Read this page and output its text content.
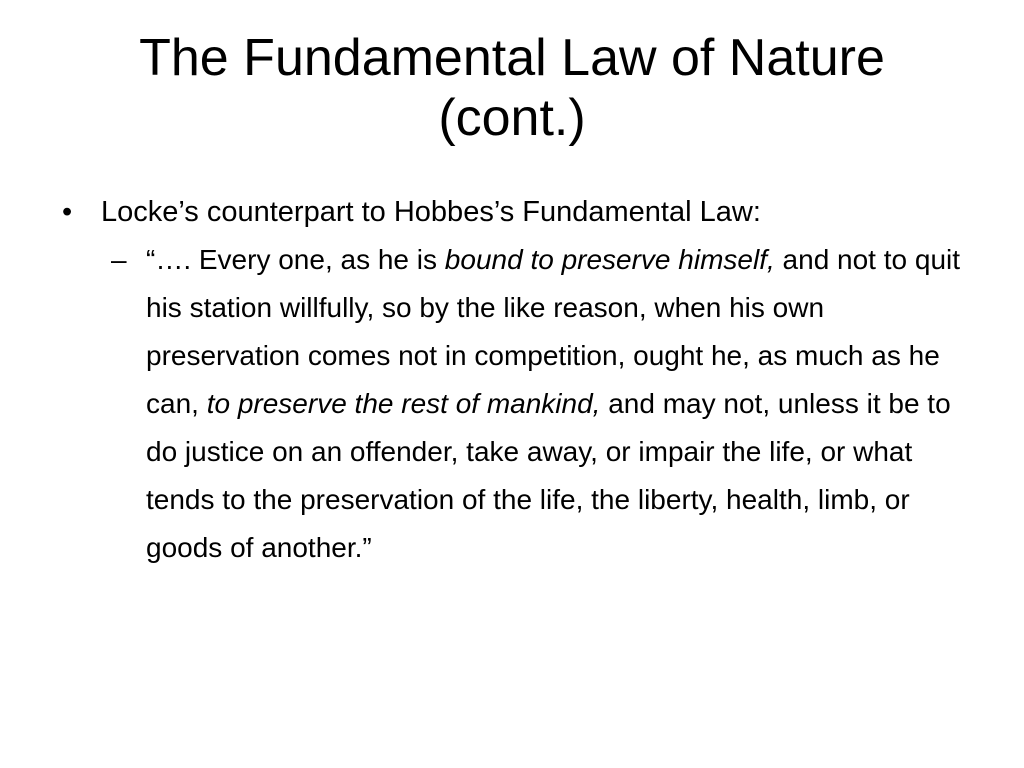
The Fundamental Law of Nature
(cont.)
• Locke’s counterpart to Hobbes’s Fundamental Law:
– “…. Every one, as he is bound to preserve himself, and not to quit his station willfully, so by the like reason, when his own preservation comes not in competition, ought he, as much as he can, to preserve the rest of mankind, and may not, unless it be to do justice on an offender, take away, or impair the life, or what tends to the preservation of the life, the liberty, health, limb, or goods of another.”
